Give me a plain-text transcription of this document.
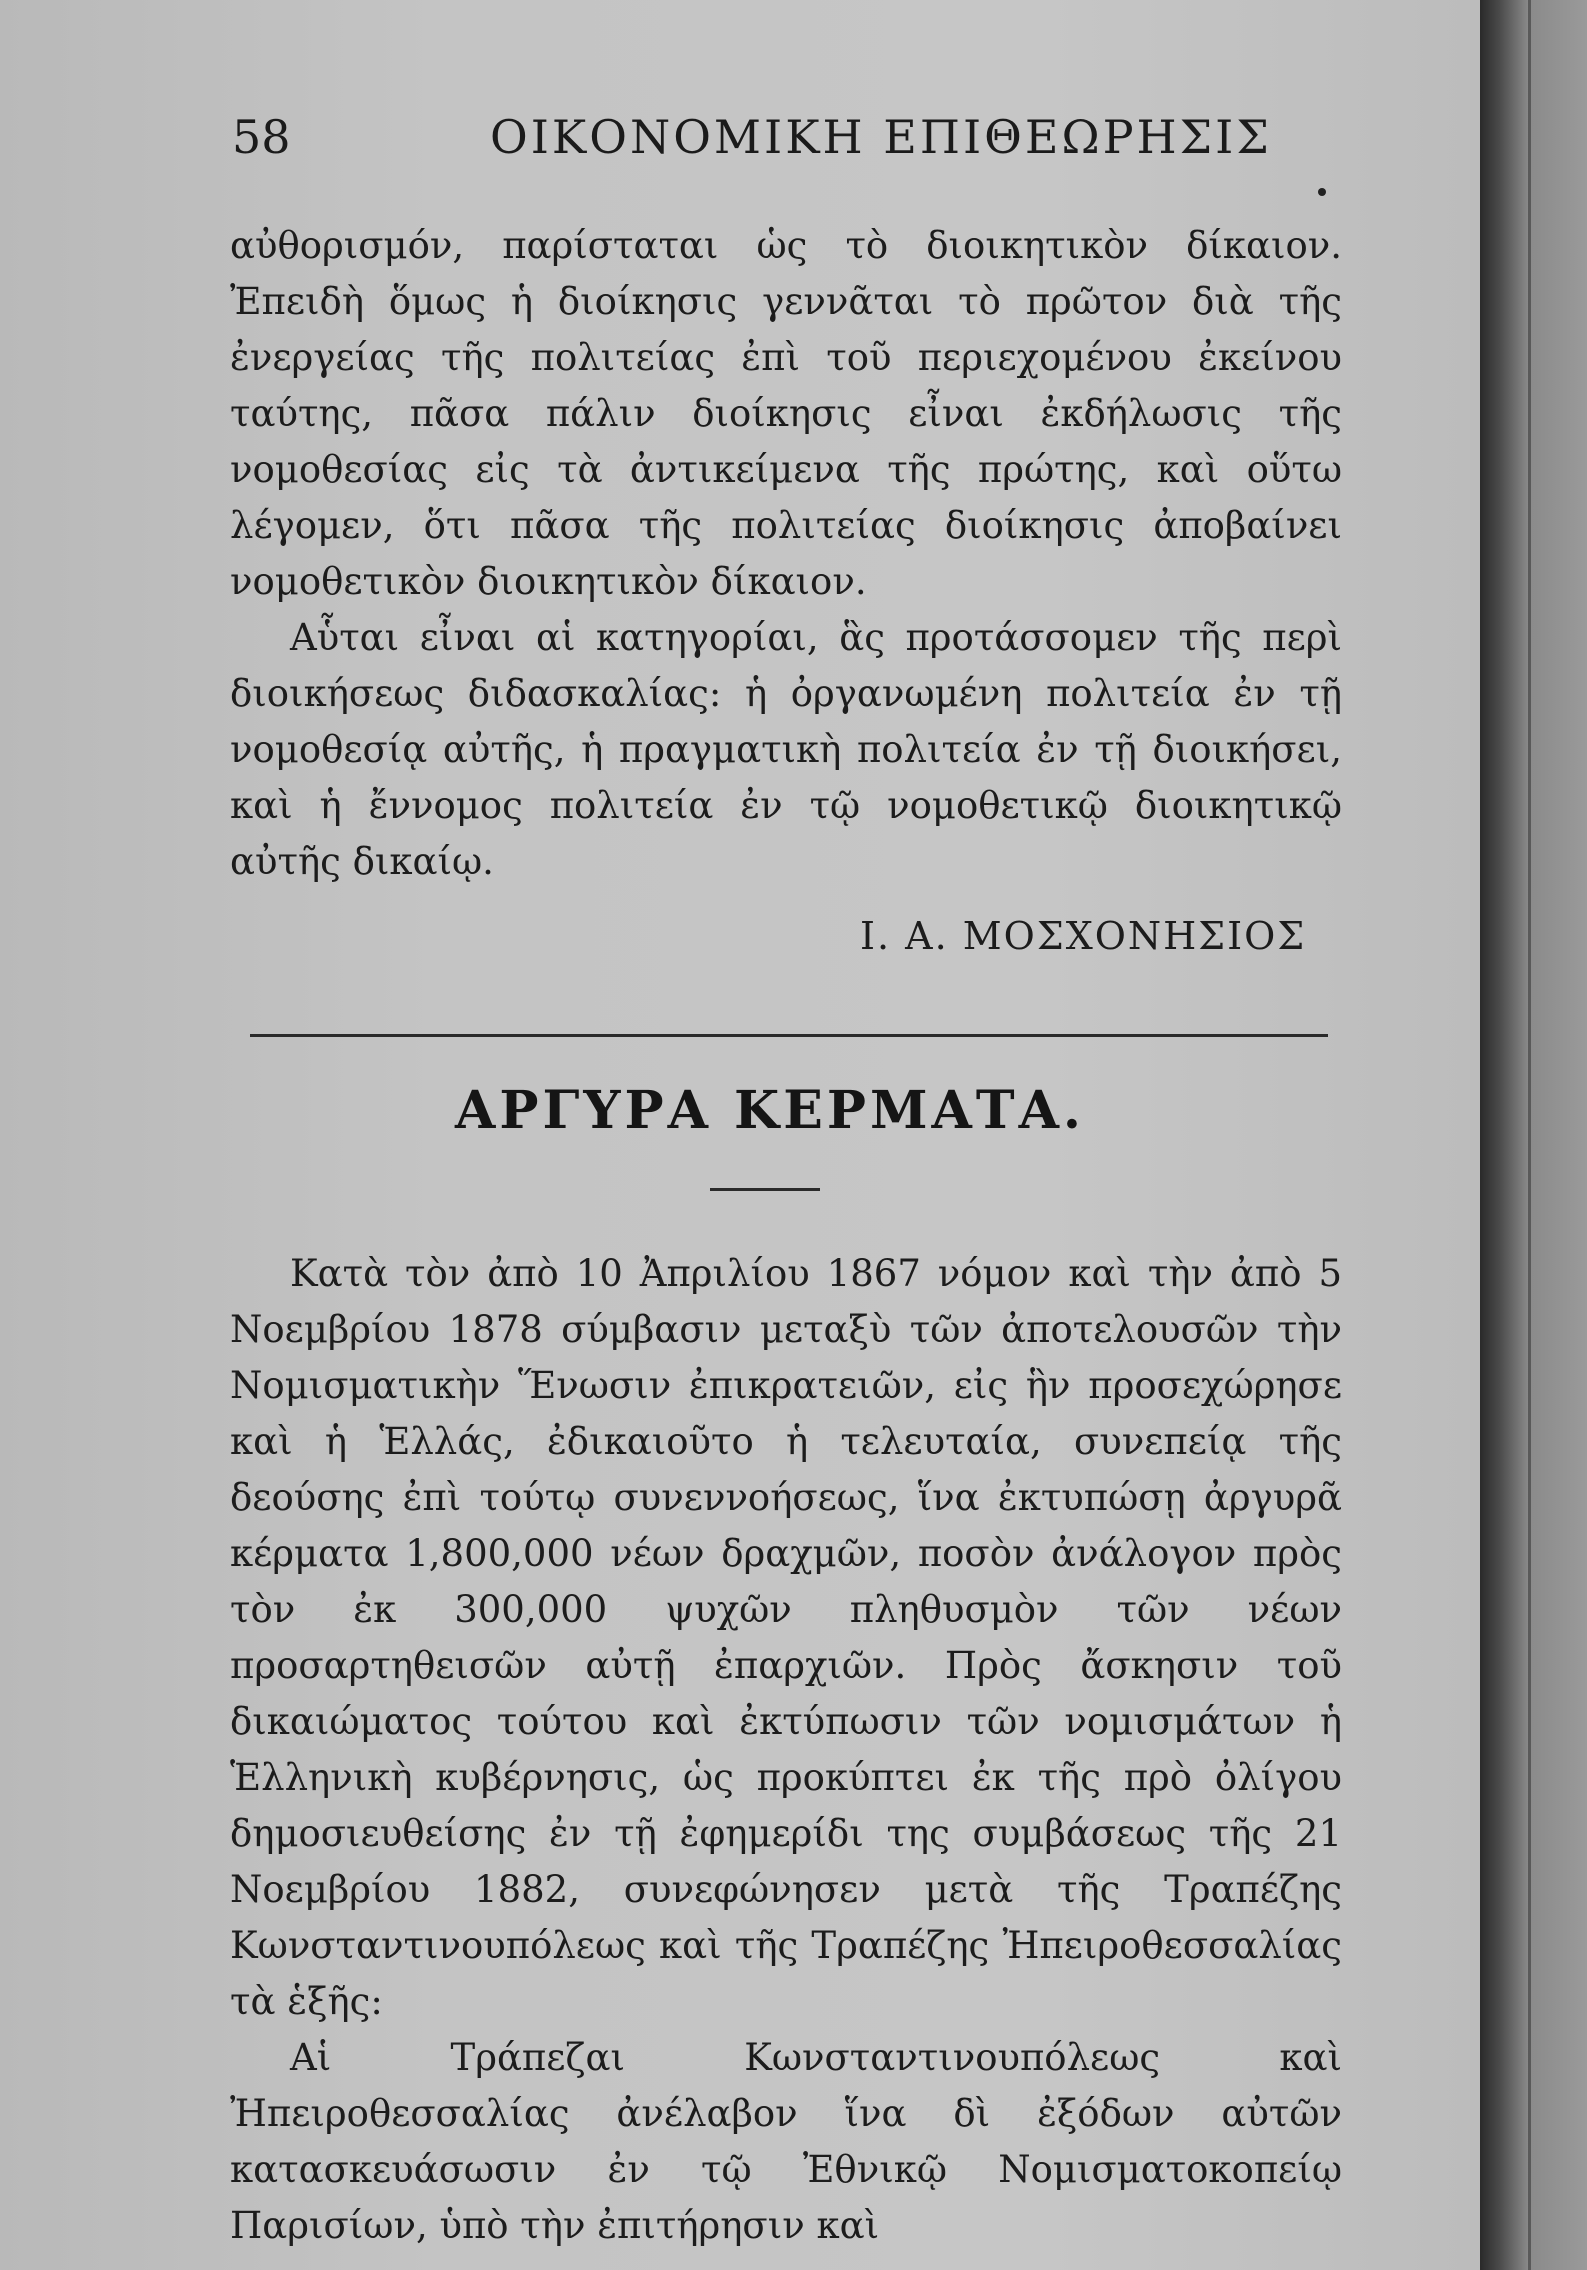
58	ΟΙΚΟΝΟΜΙΚΗ ΕΠΙΘΕΩΡΗΣΙΣ

αὐθορισμόν, παρίσταται ὡς τὸ διοικητικὸν δίκαιον. Ἐπειδὴ ὅμως ἡ διοίκησις γεννᾶται τὸ πρῶτον διὰ τῆς ἐνεργείας τῆς πολιτείας ἐπὶ τοῦ περιεχομένου ἐκείνου ταύτης, πᾶσα πάλιν διοίκησις εἶναι ἐκδήλωσις τῆς νομοθεσίας εἰς τὰ ἀντικείμενα τῆς πρώτης, καὶ οὕτω λέγομεν, ὅτι πᾶσα τῆς πολιτείας διοίκησις ἀποβαίνει νομοθετικὸν διοικητικὸν δίκαιον.

Αὗται εἶναι αἱ κατηγορίαι, ἃς προτάσσομεν τῆς περὶ διοικήσεως διδασκαλίας: ἡ ὀργανωμένη πολιτεία ἐν τῇ νομοθεσίᾳ αὐτῆς, ἡ πραγματικὴ πολιτεία ἐν τῇ διοικήσει, καὶ ἡ ἔννομος πολιτεία ἐν τῷ νομοθετικῷ διοικητικῷ αὐτῆς δικαίῳ.

Ι. Α. ΜΟΣΧΟΝΗΣΙΟΣ
ΑΡΓΥΡΑ ΚΕΡΜΑΤΑ.

Κατὰ τὸν ἀπὸ 10 Ἀπριλίου 1867 νόμον καὶ τὴν ἀπὸ 5 Νοεμβρίου 1878 σύμβασιν μεταξὺ τῶν ἀποτελουσῶν τὴν Νομισματικὴν Ἕνωσιν ἐπικρατειῶν, εἰς ἣν προσεχώρησε καὶ ἡ Ἑλλάς, ἐδικαιοῦτο ἡ τελευταία, συνεπείᾳ τῆς δεούσης ἐπὶ τούτῳ συνεννοήσεως, ἵνα ἐκτυπώσῃ ἀργυρᾶ κέρματα 1,800,000 νέων δραχμῶν, ποσὸν ἀνάλογον πρὸς τὸν ἐκ 300,000 ψυχῶν πληθυσμὸν τῶν νέων προσαρτηθεισῶν αὐτῇ ἐπαρχιῶν. Πρὸς ἄσκησιν τοῦ δικαιώματος τούτου καὶ ἐκτύπωσιν τῶν νομισμάτων ἡ Ἑλληνικὴ κυβέρνησις, ὡς προκύπτει ἐκ τῆς πρὸ ὀλίγου δημοσιευθείσης ἐν τῇ ἐφημερίδι της συμβάσεως τῆς 21 Νοεμβρίου 1882, συνεφώνησεν μετὰ τῆς Τραπέζης Κωνσταντινουπόλεως καὶ τῆς Τραπέζης Ἠπειροθεσσαλίας τὰ ἑξῆς:

Αἱ Τράπεζαι Κωνσταντινουπόλεως καὶ Ἠπειροθεσσαλίας ἀνέλαβον ἵνα δὶ ἐξόδων αὐτῶν κατασκευάσωσιν ἐν τῷ Ἐθνικῷ Νομισματοκοπείῳ Παρισίων, ὑπὸ τὴν ἐπιτήρησιν καὶ
